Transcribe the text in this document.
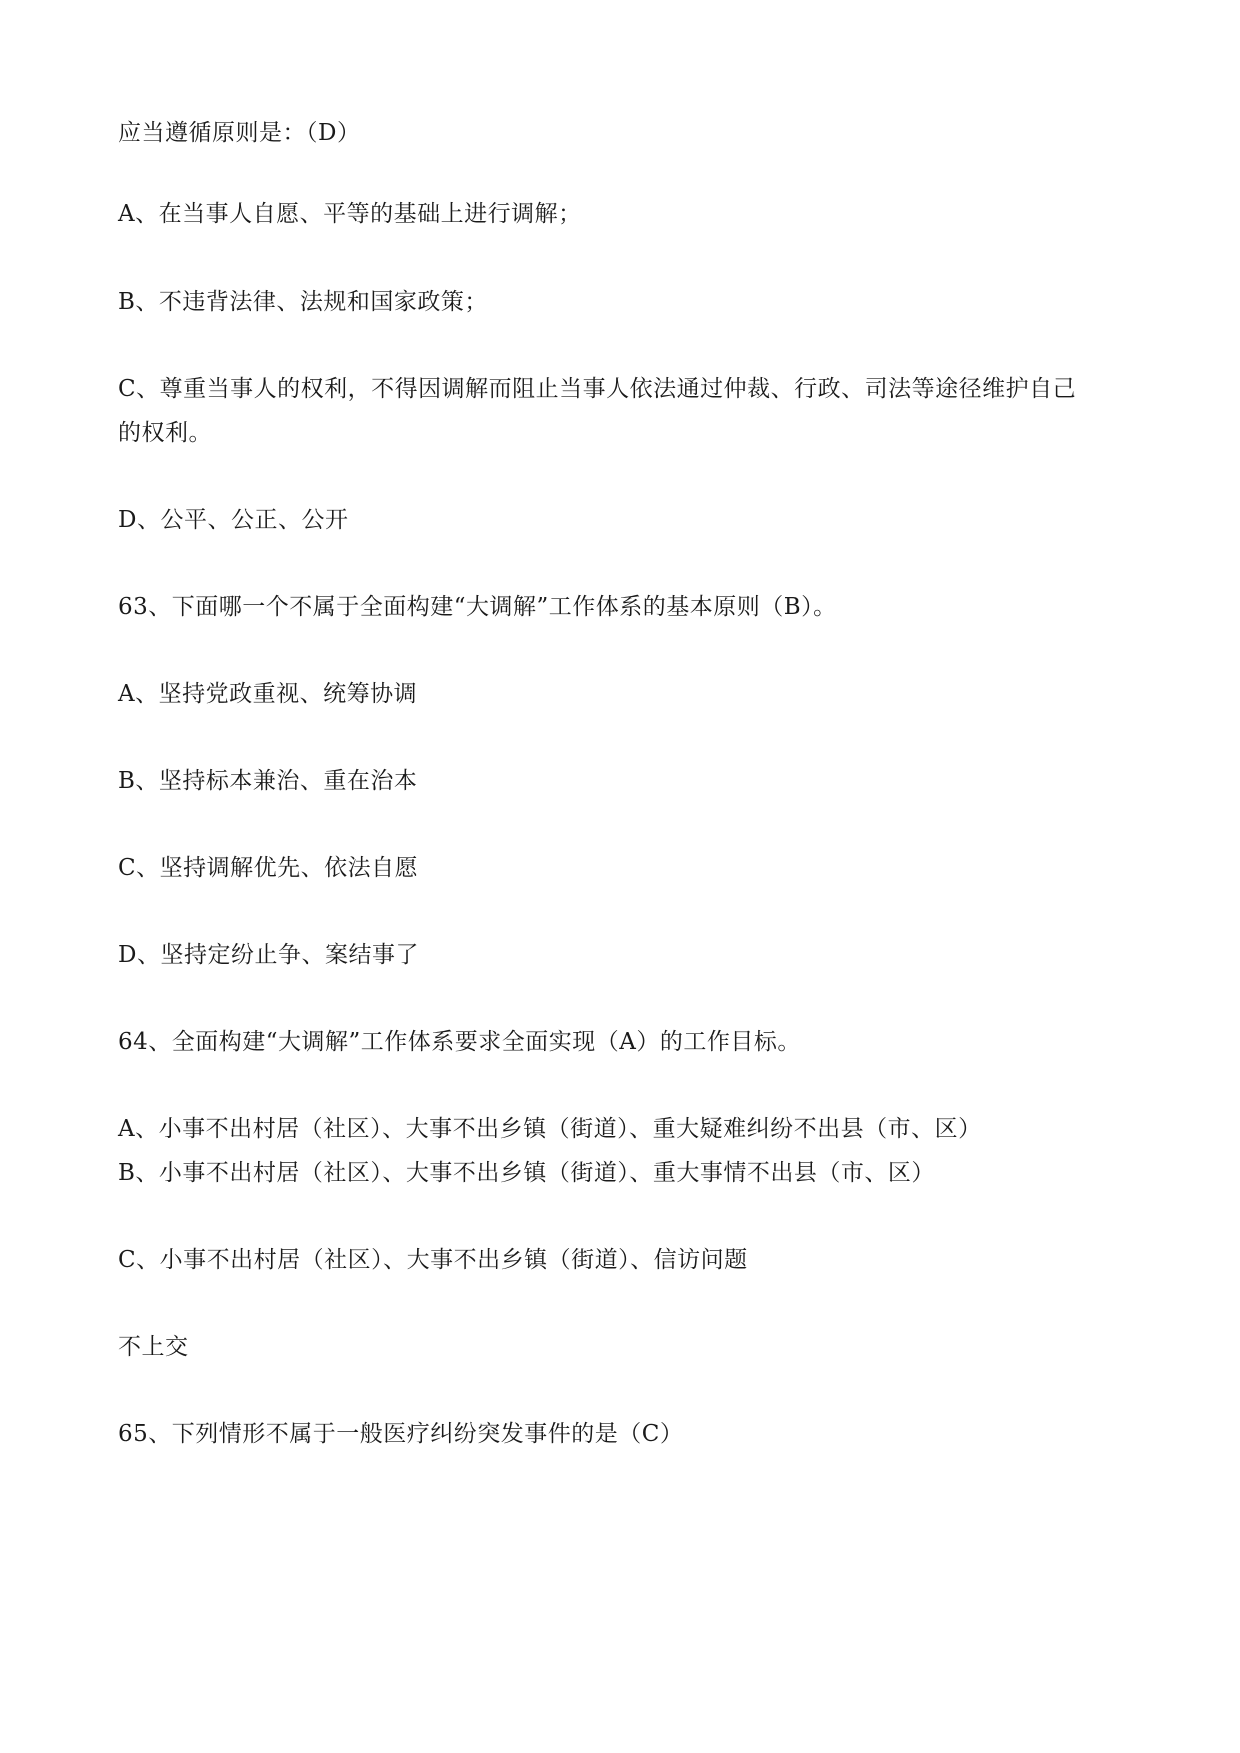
应当遵循原则是：（D）
A、在当事人自愿、平等的基础上进行调解；
B、不违背法律、法规和国家政策；
C、尊重当事人的权利，不得因调解而阻止当事人依法通过仲裁、行政、司法等途径维护自己
的权利。
D、公平、公正、公开
63、下面哪一个不属于全面构建“大调解”工作体系的基本原则（B）。
A、坚持党政重视、统筹协调
B、坚持标本兼治、重在治本
C、坚持调解优先、依法自愿
D、坚持定纷止争、案结事了
64、全面构建“大调解”工作体系要求全面实现（A）的工作目标。
A、小事不出村居（社区）、大事不出乡镇（街道）、重大疑难纠纷不出县（市、区）
B、小事不出村居（社区）、大事不出乡镇（街道）、重大事情不出县（市、区）
C、小事不出村居（社区）、大事不出乡镇（街道）、信访问题
不上交
65、下列情形不属于一般医疗纠纷突发事件的是（C）
